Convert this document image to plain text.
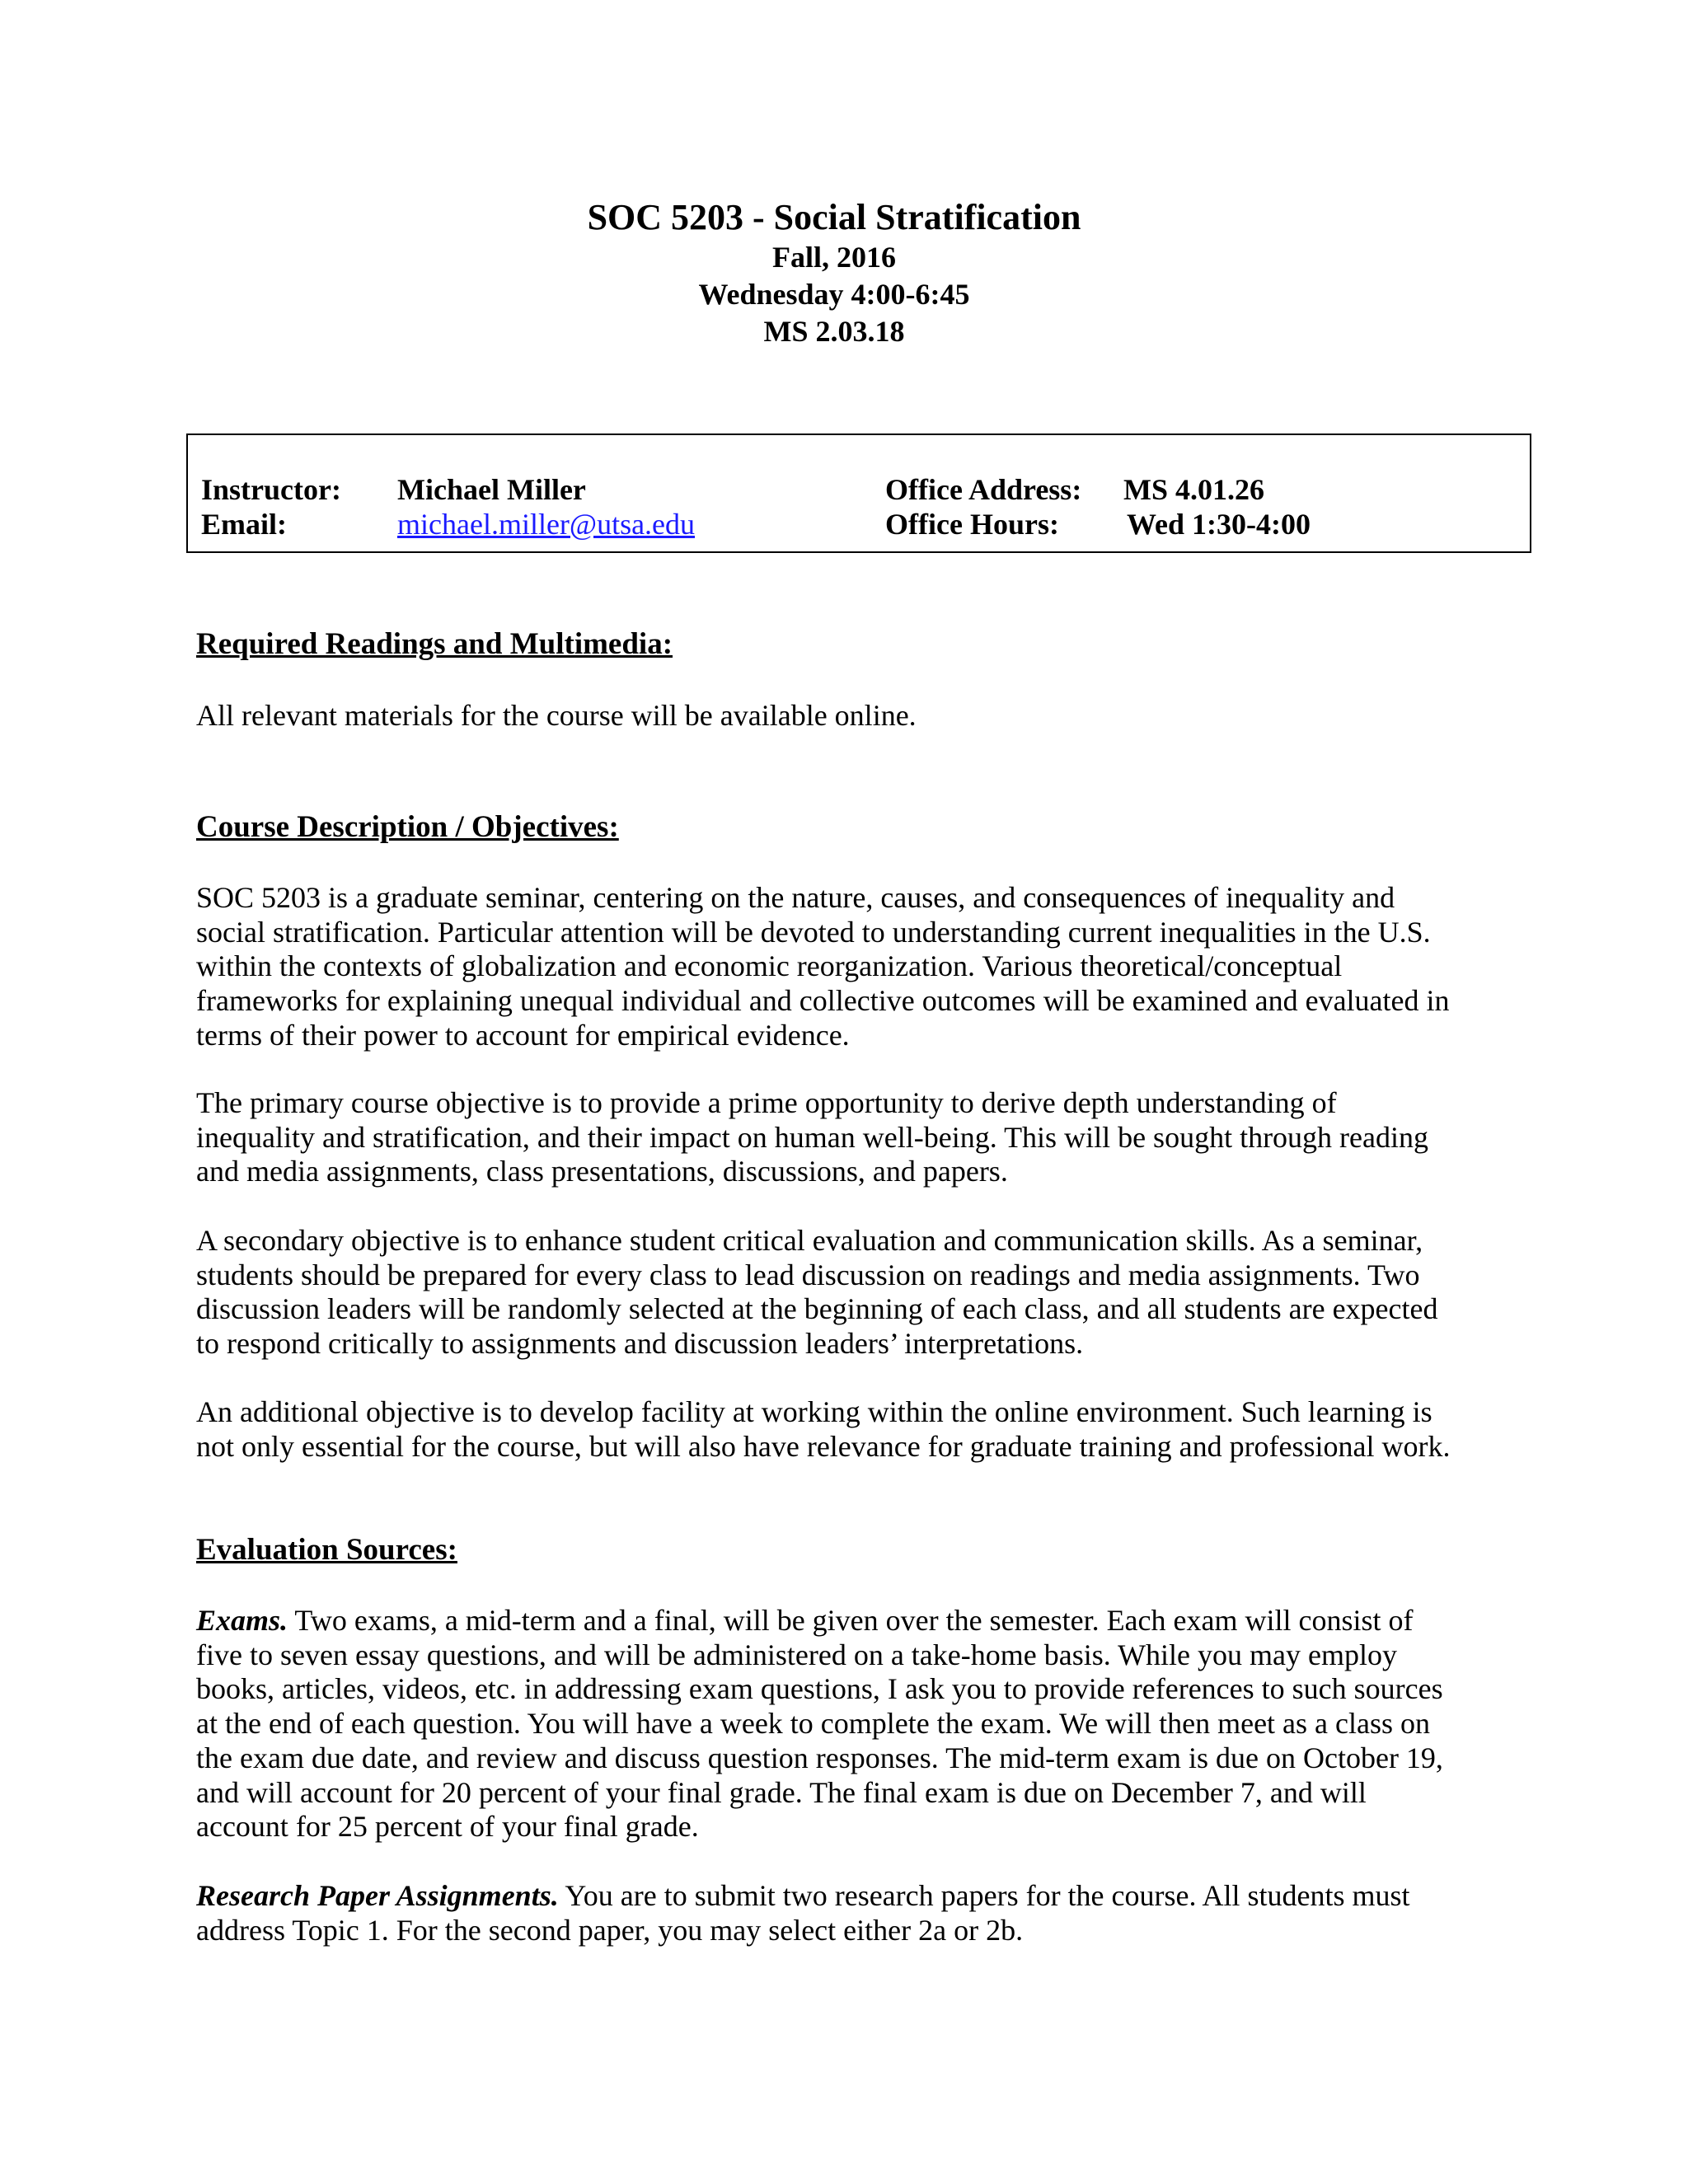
SOC 5203 - Social Stratification
Fall, 2016
Wednesday 4:00-6:45
MS 2.03.18
Instructor: Michael Miller	Office Address: MS 4.01.26
Email:	michael.miller@utsa.edu	Office Hours: Wed 1:30-4:00

Required Readings and Multimedia:

All relevant materials for the course will be available online.

Course Description / Objectives:

SOC 5203 is a graduate seminar, centering on the nature, causes, and consequences of inequality and
social stratification. Particular attention will be devoted to understanding current inequalities in the U.S.
within the contexts of globalization and economic reorganization. Various theoretical/conceptual
frameworks for explaining unequal individual and collective outcomes will be examined and evaluated in
terms of their power to account for empirical evidence.
The primary course objective is to provide a prime opportunity to derive depth understanding of
inequality and stratification, and their impact on human well-being. This will be sought through reading
and media assignments, class presentations, discussions, and papers.
A secondary objective is to enhance student critical evaluation and communication skills. As a seminar,
students should be prepared for every class to lead discussion on readings and media assignments. Two
discussion leaders will be randomly selected at the beginning of each class, and all students are expected
to respond critically to assignments and discussion leaders’ interpretations.
An additional objective is to develop facility at working within the online environment. Such learning is
not only essential for the course, but will also have relevance for graduate training and professional work.

Evaluation Sources:

Exams. Two exams, a mid-term and a final, will be given over the semester. Each exam will consist of
five to seven essay questions, and will be administered on a take-home basis. While you may employ
books, articles, videos, etc. in addressing exam questions, I ask you to provide references to such sources
at the end of each question. You will have a week to complete the exam. We will then meet as a class on
the exam due date, and review and discuss question responses. The mid-term exam is due on October 19,
and will account for 20 percent of your final grade. The final exam is due on December 7, and will
account for 25 percent of your final grade.
Research Paper Assignments. You are to submit two research papers for the course. All students must
address Topic 1. For the second paper, you may select either 2a or 2b.
